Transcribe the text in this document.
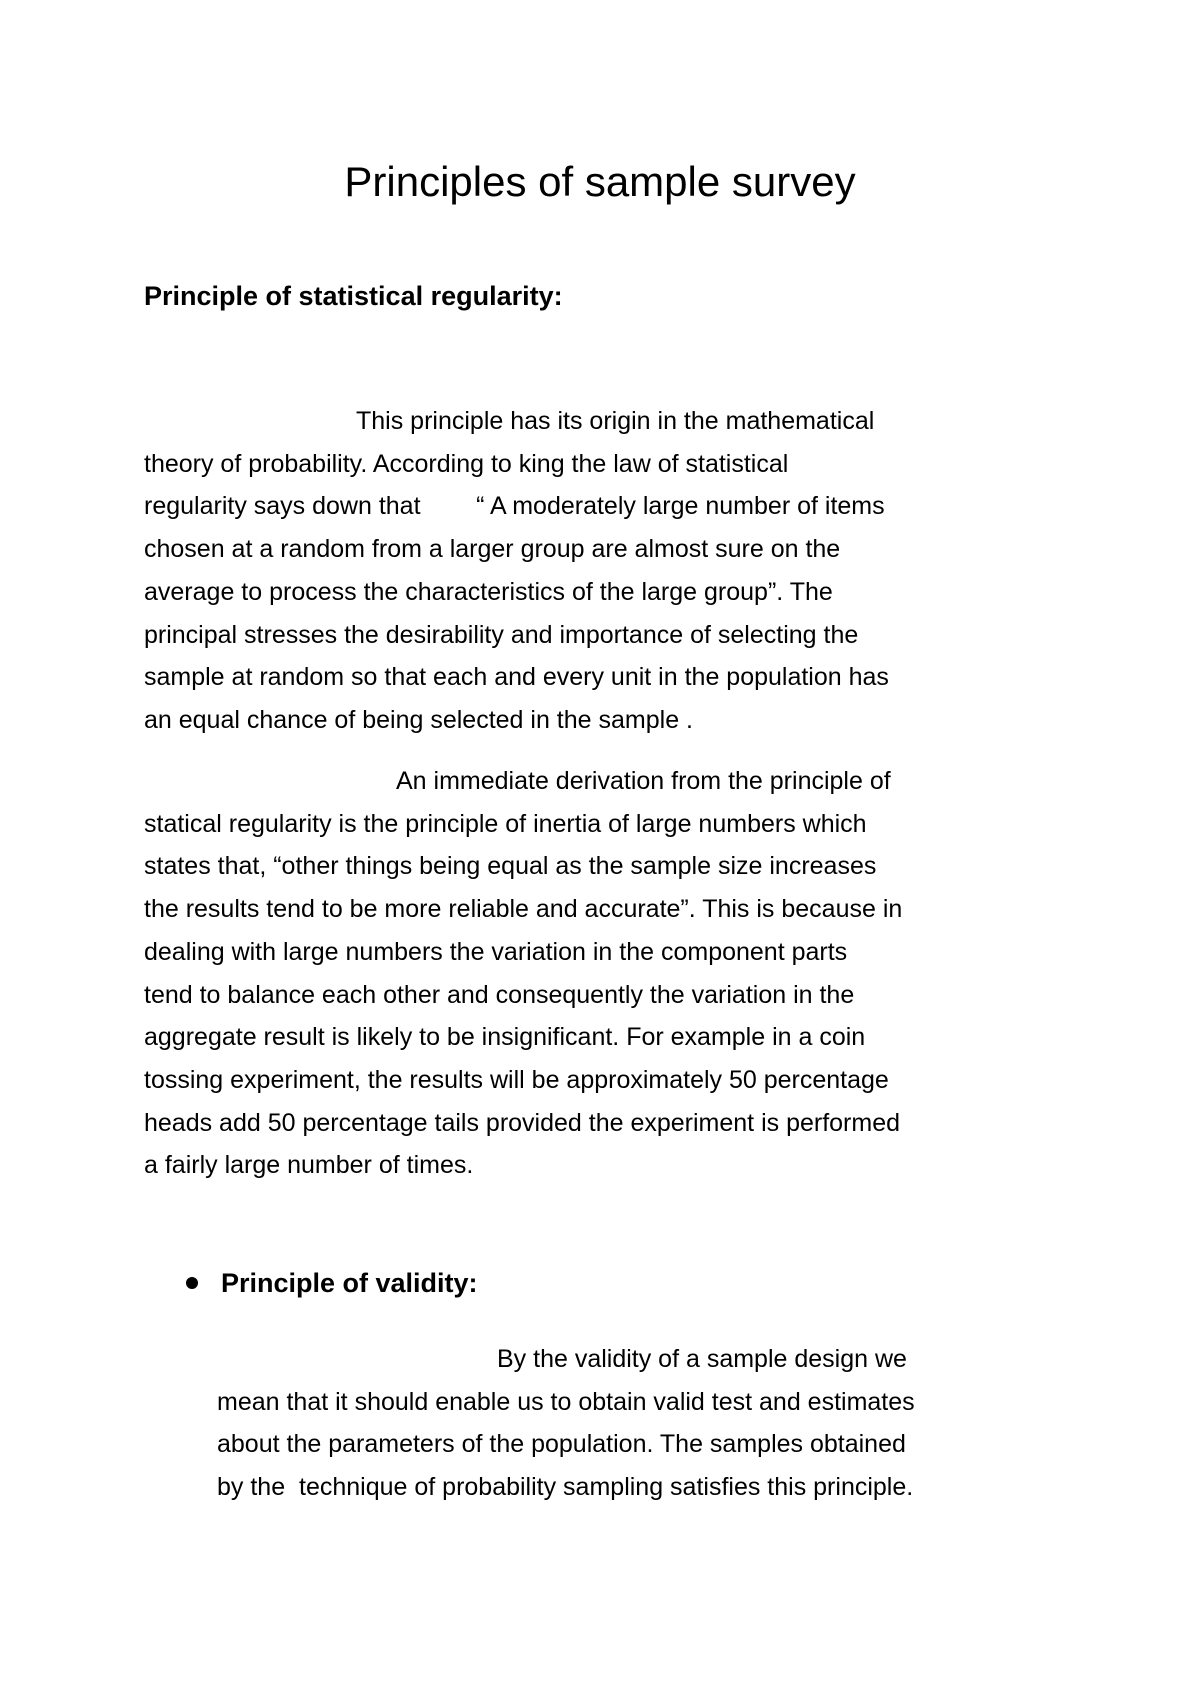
Principles of sample survey
Principle of statistical regularity:

This principle has its origin in the mathematical
theory of probability. According to king the law of statistical
regularity says down that        “ A moderately large number of items
chosen at a random from a larger group are almost sure on the
average to process the characteristics of the large group”. The
principal stresses the desirability and importance of selecting the
sample at random so that each and every unit in the population has
an equal chance of being selected in the sample .

An immediate derivation from the principle of
statical regularity is the principle of inertia of large numbers which
states that, “other things being equal as the sample size increases
the results tend to be more reliable and accurate”. This is because in
dealing with large numbers the variation in the component parts
tend to balance each other and consequently the variation in the
aggregate result is likely to be insignificant. For example in a coin
tossing experiment, the results will be approximately 50 percentage
heads add 50 percentage tails provided the experiment is performed
a fairly large number of times.

Principle of validity:

By the validity of a sample design we
mean that it should enable us to obtain valid test and estimates
about the parameters of the population. The samples obtained
by the  technique of probability sampling satisfies this principle.
